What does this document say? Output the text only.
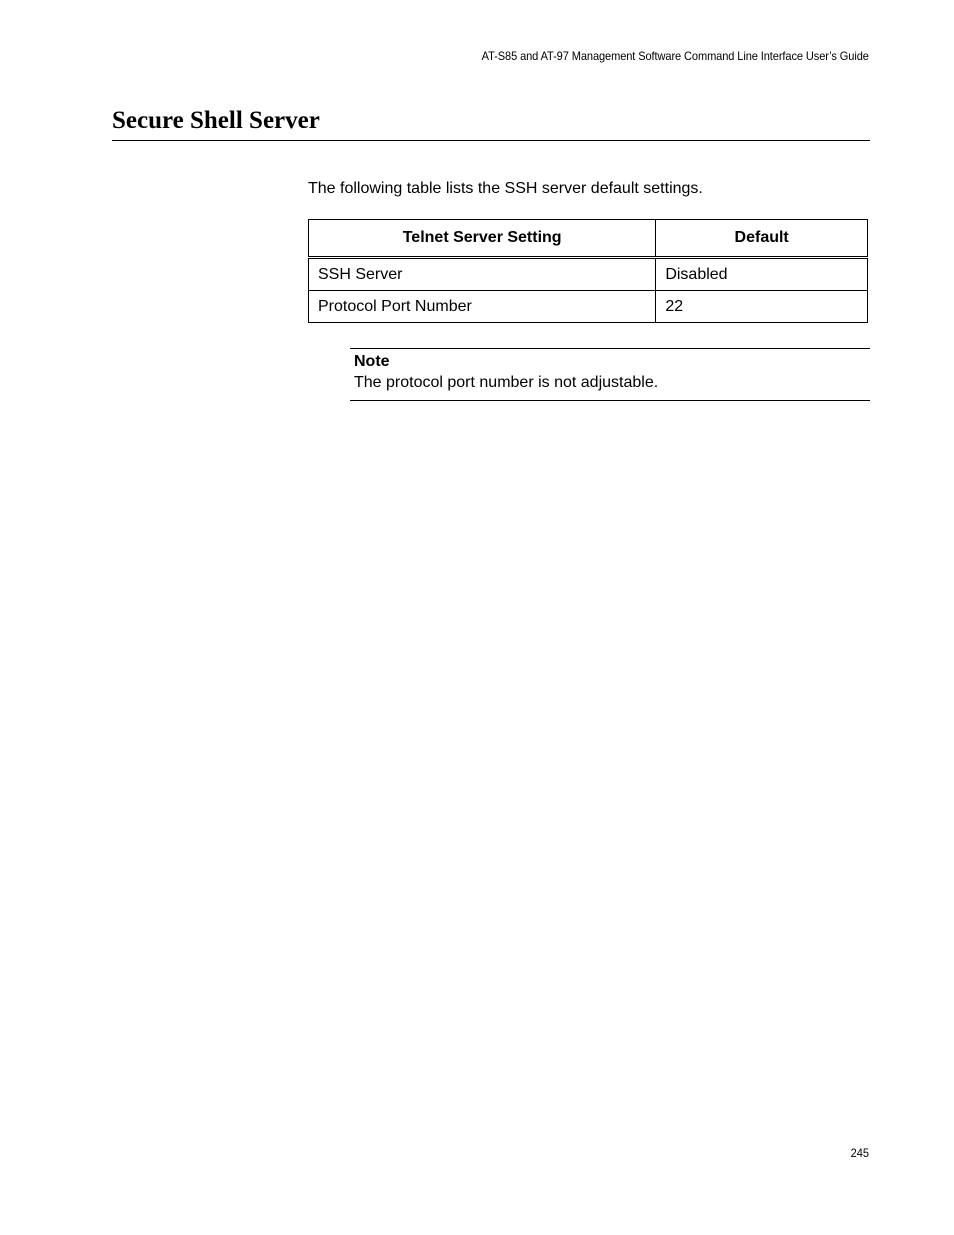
AT-S85 and AT-97 Management Software Command Line Interface User’s Guide
Secure Shell Server

The following table lists the SSH server default settings.

Telnet Server Setting	Default
SSH Server	Disabled
Protocol Port Number	22
Note
The protocol port number is not adjustable.
245
